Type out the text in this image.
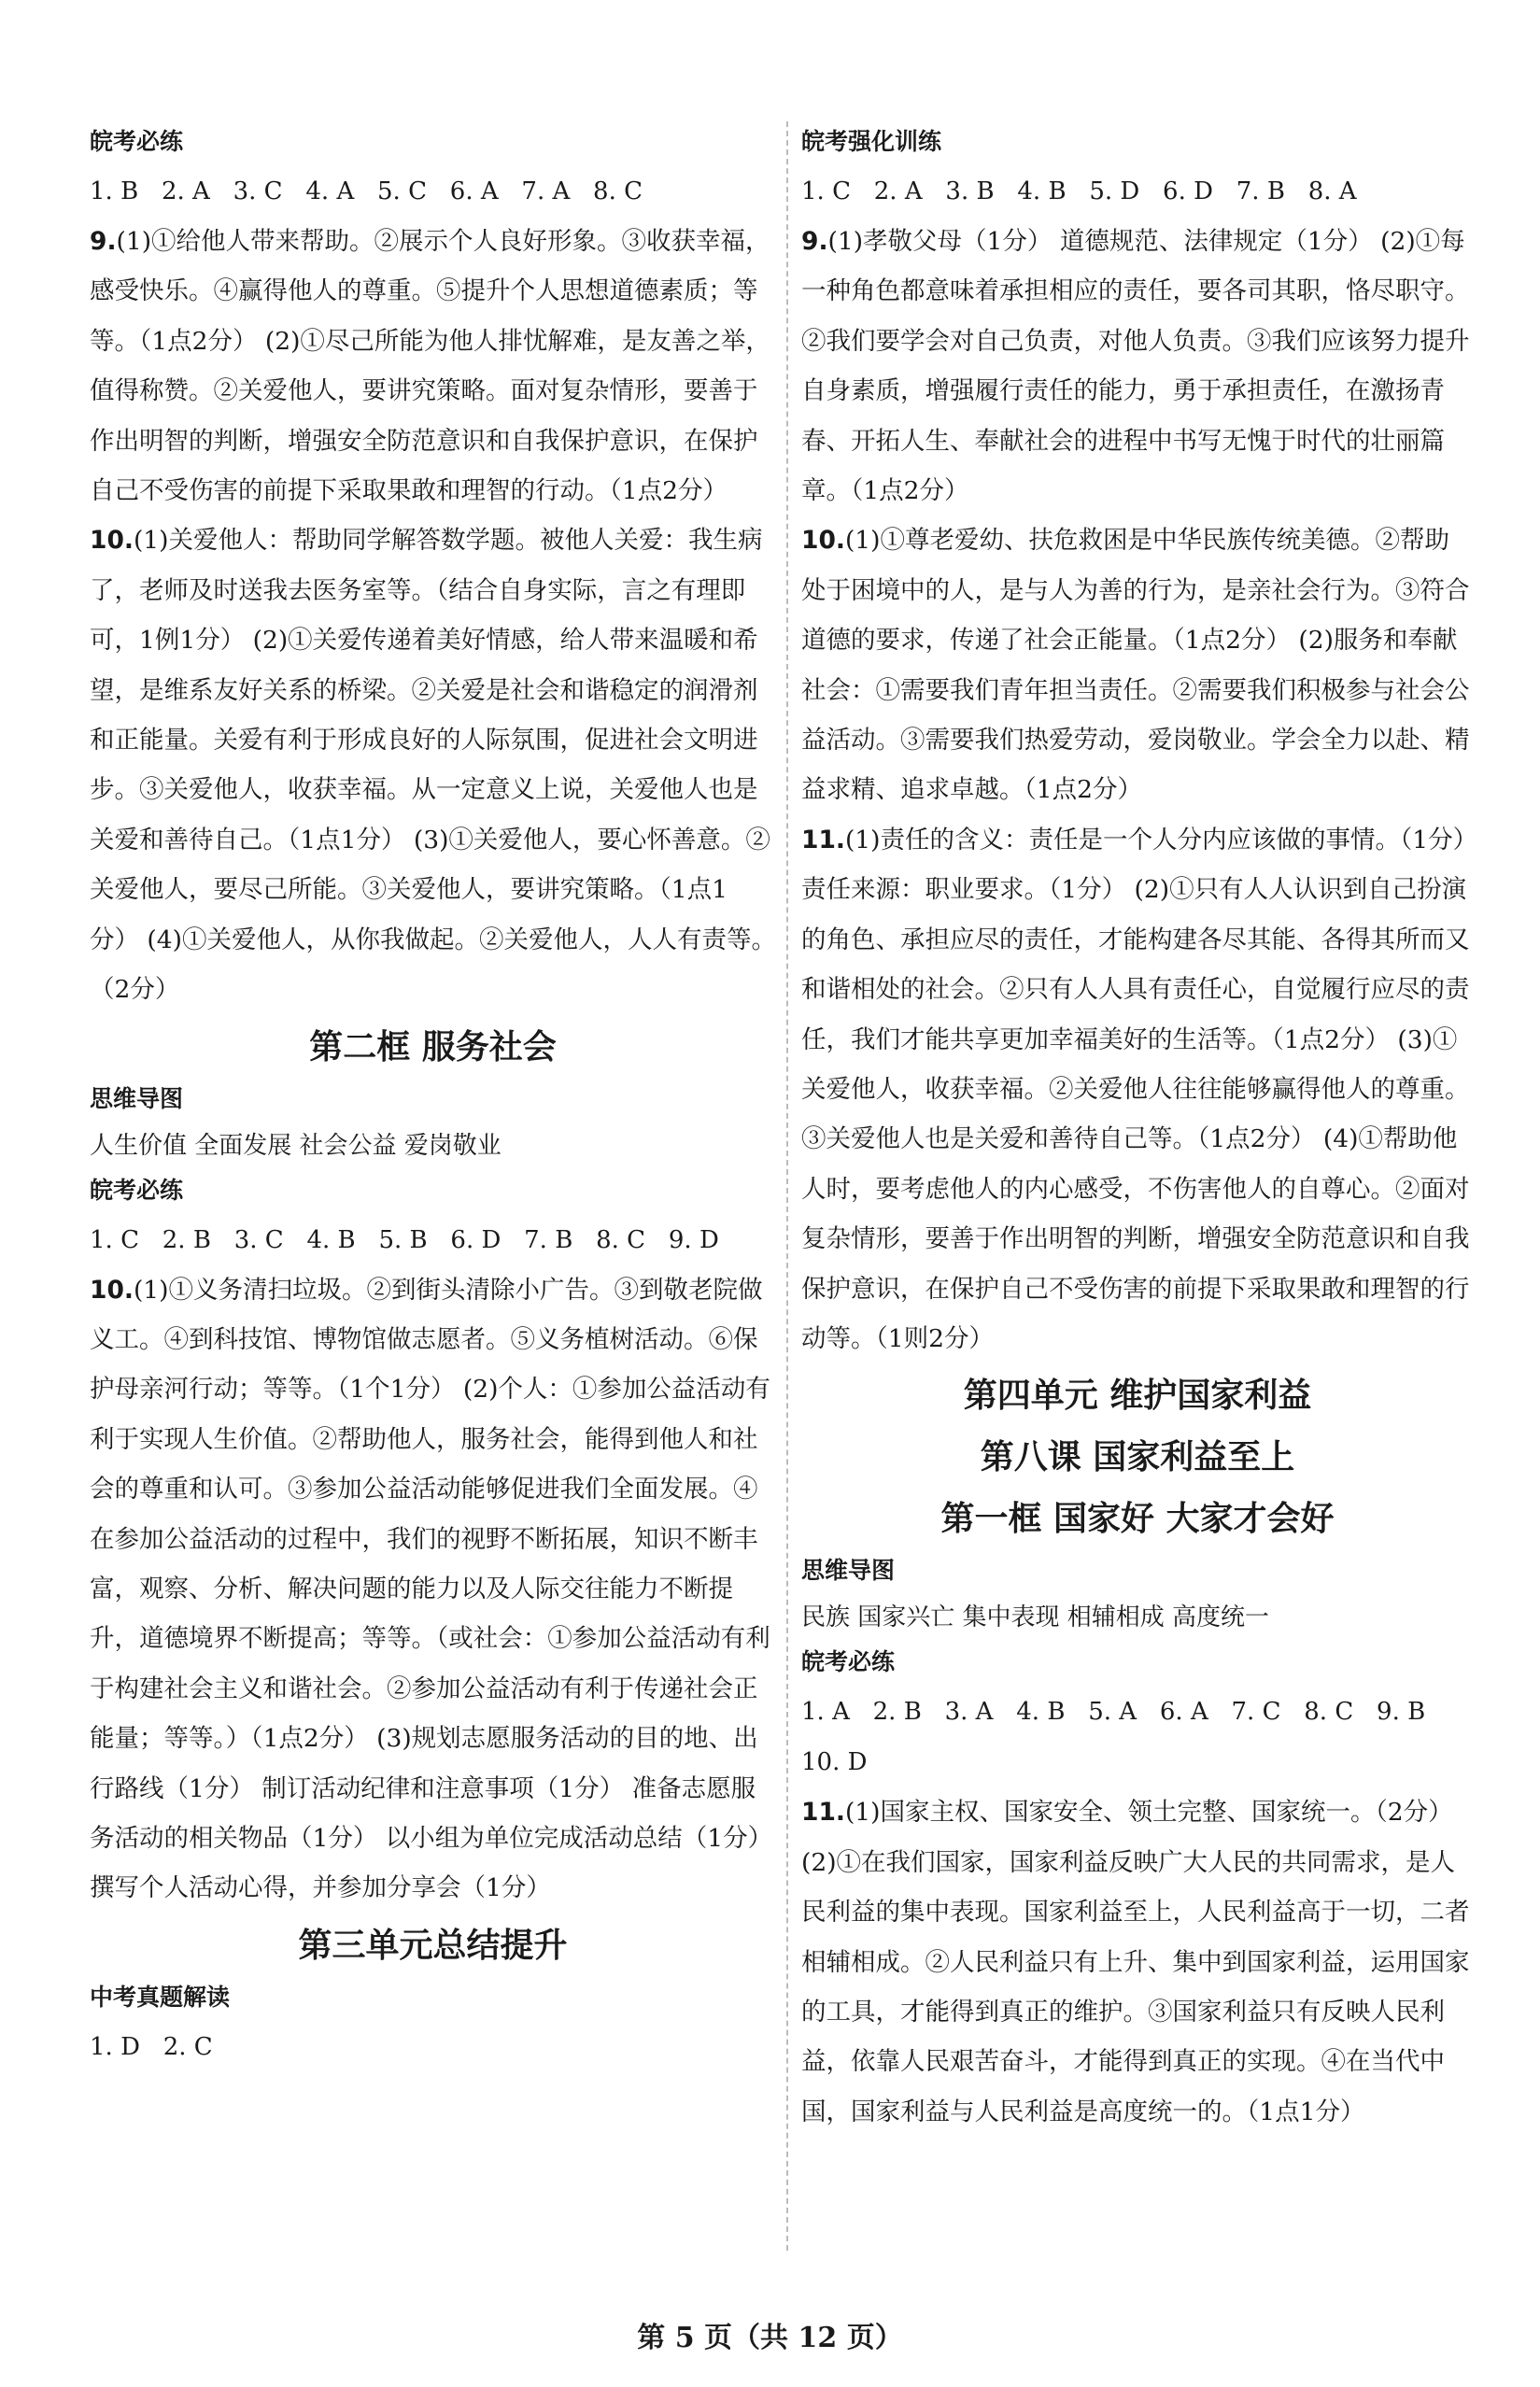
皖考必练

1. B   2. A   3. C   4. A   5. C   6. A   7. A   8. C

9.(1)①给他人带来帮助。②展示个人良好形象。③收获幸福，感受快乐。④赢得他人的尊重。⑤提升个人思想道德素质；等等。（1点2分） (2)①尽己所能为他人排忧解难，是友善之举，值得称赞。②关爱他人，要讲究策略。面对复杂情形，要善于作出明智的判断，增强安全防范意识和自我保护意识，在保护自己不受伤害的前提下采取果敢和理智的行动。（1点2分）

10.(1)关爱他人：帮助同学解答数学题。被他人关爱：我生病了，老师及时送我去医务室等。（结合自身实际，言之有理即可，1例1分） (2)①关爱传递着美好情感，给人带来温暖和希望，是维系友好关系的桥梁。②关爱是社会和谐稳定的润滑剂和正能量。关爱有利于形成良好的人际氛围，促进社会文明进步。③关爱他人，收获幸福。从一定意义上说，关爱他人也是关爱和善待自己。（1点1分） (3)①关爱他人，要心怀善意。②关爱他人，要尽己所能。③关爱他人，要讲究策略。（1点1分） (4)①关爱他人，从你我做起。②关爱他人，人人有责等。（2分）

第二框 服务社会
思维导图

人生价值 全面发展 社会公益 爱岗敬业

皖考必练

1. C   2. B   3. C   4. B   5. B   6. D   7. B   8. C   9. D

10.(1)①义务清扫垃圾。②到街头清除小广告。③到敬老院做义工。④到科技馆、博物馆做志愿者。⑤义务植树活动。⑥保护母亲河行动；等等。（1个1分） (2)个人：①参加公益活动有利于实现人生价值。②帮助他人，服务社会，能得到他人和社会的尊重和认可。③参加公益活动能够促进我们全面发展。④在参加公益活动的过程中，我们的视野不断拓展，知识不断丰富，观察、分析、解决问题的能力以及人际交往能力不断提升，道德境界不断提高；等等。（或社会：①参加公益活动有利于构建社会主义和谐社会。②参加公益活动有利于传递社会正能量；等等。）（1点2分） (3)规划志愿服务活动的目的地、出行路线（1分） 制订活动纪律和注意事项（1分） 准备志愿服务活动的相关物品（1分） 以小组为单位完成活动总结（1分） 撰写个人活动心得，并参加分享会（1分）

第三单元总结提升
中考真题解读

1. D   2. C

皖考强化训练

1. C   2. A   3. B   4. B   5. D   6. D   7. B   8. A

9.(1)孝敬父母（1分） 道德规范、法律规定（1分） (2)①每一种角色都意味着承担相应的责任，要各司其职，恪尽职守。②我们要学会对自己负责，对他人负责。③我们应该努力提升自身素质，增强履行责任的能力，勇于承担责任，在激扬青春、开拓人生、奉献社会的进程中书写无愧于时代的壮丽篇章。（1点2分）

10.(1)①尊老爱幼、扶危救困是中华民族传统美德。②帮助处于困境中的人，是与人为善的行为，是亲社会行为。③符合道德的要求，传递了社会正能量。（1点2分） (2)服务和奉献社会：①需要我们青年担当责任。②需要我们积极参与社会公益活动。③需要我们热爱劳动，爱岗敬业。学会全力以赴、精益求精、追求卓越。（1点2分）

11.(1)责任的含义：责任是一个人分内应该做的事情。（1分）责任来源：职业要求。（1分） (2)①只有人人认识到自己扮演的角色、承担应尽的责任，才能构建各尽其能、各得其所而又和谐相处的社会。②只有人人具有责任心，自觉履行应尽的责任，我们才能共享更加幸福美好的生活等。（1点2分） (3)①关爱他人，收获幸福。②关爱他人往往能够赢得他人的尊重。③关爱他人也是关爱和善待自己等。（1点2分） (4)①帮助他人时，要考虑他人的内心感受，不伤害他人的自尊心。②面对复杂情形，要善于作出明智的判断，增强安全防范意识和自我保护意识，在保护自己不受伤害的前提下采取果敢和理智的行动等。（1则2分）

第四单元 维护国家利益
第八课 国家利益至上
第一框 国家好 大家才会好
思维导图

民族 国家兴亡 集中表现 相辅相成 高度统一

皖考必练

1. A   2. B   3. A   4. B   5. A   6. A   7. C   8. C   9. B

10. D

11.(1)国家主权、国家安全、领土完整、国家统一。（2分） (2)①在我们国家，国家利益反映广大人民的共同需求，是人民利益的集中表现。国家利益至上，人民利益高于一切，二者相辅相成。②人民利益只有上升、集中到国家利益，运用国家的工具，才能得到真正的维护。③国家利益只有反映人民利益，依靠人民艰苦奋斗，才能得到真正的实现。④在当代中国，国家利益与人民利益是高度统一的。（1点1分）

第 5 页（共 12 页）
